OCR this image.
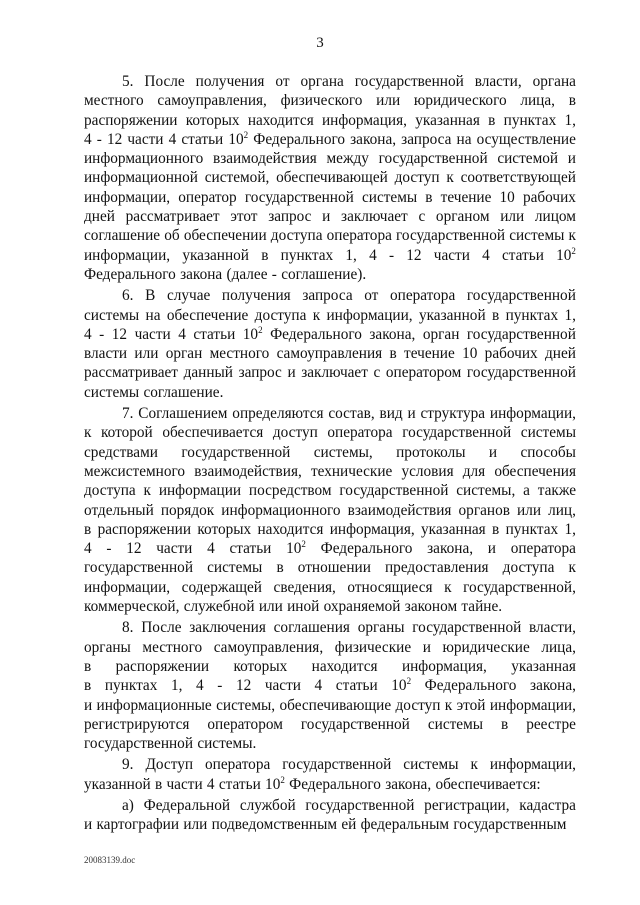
3
5. После получения от органа государственной власти, органа
местного самоуправления, физического или юридического лица, в
распоряжении которых находится информация, указанная в пунктах 1,
4 - 12 части 4 статьи $10^2$ Федерального закона, запроса на осуществление
информационного взаимодействия между государственной системой и
информационной системой, обеспечивающей доступ к соответствующей
информации, оператор государственной системы в течение 10 рабочих
дней рассматривает этот запрос и заключает с органом или лицом
соглашение об обеспечении доступа оператора государственной системы к
информации, указанной в пунктах 1, 4 - 12 части 4 статьи $10^2$
Федерального закона (далее - соглашение).
6. В случае получения запроса от оператора государственной
системы на обеспечение доступа к информации, указанной в пунктах 1,
4 - 12 части 4 статьи $10^2$ Федерального закона, орган государственной
власти или орган местного самоуправления в течение 10 рабочих дней
рассматривает данный запрос и заключает с оператором государственной
системы соглашение.
7. Соглашением определяются состав, вид и структура информации,
к которой обеспечивается доступ оператора государственной системы
средствами государственной системы, протоколы и способы
межсистемного взаимодействия, технические условия для обеспечения
доступа к информации посредством государственной системы, а также
отдельный порядок информационного взаимодействия органов или лиц,
в распоряжении которых находится информация, указанная в пунктах 1,
4 - 12 части 4 статьи $10^2$ Федерального закона, и оператора
государственной системы в отношении предоставления доступа к
информации, содержащей сведения, относящиеся к государственной,
коммерческой, служебной или иной охраняемой законом тайне.
8. После заключения соглашения органы государственной власти,
органы местного самоуправления, физические и юридические лица,
в распоряжении которых находится информация, указанная
в пунктах 1, 4 - 12 части 4 статьи $10^2$ Федерального закона,
и информационные системы, обеспечивающие доступ к этой информации,
регистрируются оператором государственной системы в реестре
государственной системы.
9. Доступ оператора государственной системы к информации,
указанной в части 4 статьи $10^2$ Федерального закона, обеспечивается:
а) Федеральной службой государственной регистрации, кадастра
и картографии или подведомственным ей федеральным государственным
20083139.doc
